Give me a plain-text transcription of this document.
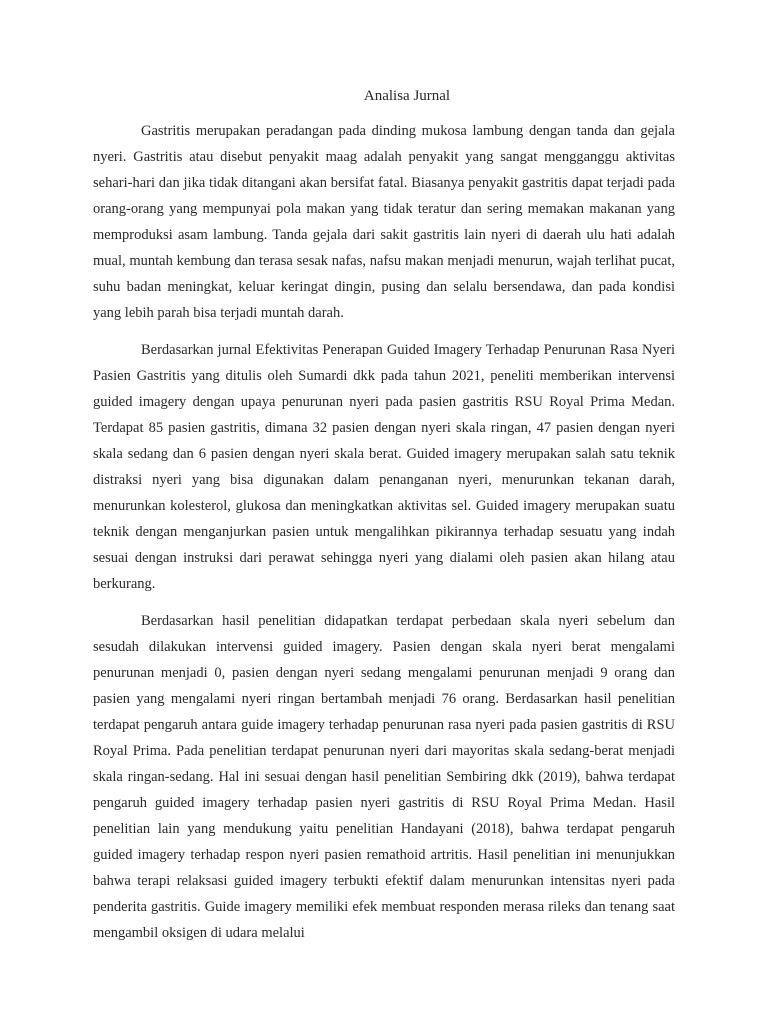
Analisa Jurnal

Gastritis merupakan peradangan pada dinding mukosa lambung dengan tanda dan gejala nyeri. Gastritis atau disebut penyakit maag adalah penyakit yang sangat mengganggu aktivitas sehari-hari dan jika tidak ditangani akan bersifat fatal. Biasanya penyakit gastritis dapat terjadi pada orang-orang yang mempunyai pola makan yang tidak teratur dan sering memakan makanan yang memproduksi asam lambung. Tanda gejala dari sakit gastritis lain nyeri di daerah ulu hati adalah mual, muntah kembung dan terasa sesak nafas, nafsu makan menjadi menurun, wajah terlihat pucat, suhu badan meningkat, keluar keringat dingin, pusing dan selalu bersendawa, dan pada kondisi yang lebih parah bisa terjadi muntah darah.

Berdasarkan jurnal Efektivitas Penerapan Guided Imagery Terhadap Penurunan Rasa Nyeri Pasien Gastritis yang ditulis oleh Sumardi dkk pada tahun 2021, peneliti memberikan intervensi guided imagery dengan upaya penurunan nyeri pada pasien gastritis RSU Royal Prima Medan. Terdapat 85 pasien gastritis, dimana 32 pasien dengan nyeri skala ringan, 47 pasien dengan nyeri skala sedang dan 6 pasien dengan nyeri skala berat. Guided imagery merupakan salah satu teknik distraksi nyeri yang bisa digunakan dalam penanganan nyeri, menurunkan tekanan darah, menurunkan kolesterol, glukosa dan meningkatkan aktivitas sel. Guided imagery merupakan suatu teknik dengan menganjurkan pasien untuk mengalihkan pikirannya terhadap sesuatu yang indah sesuai dengan instruksi dari perawat sehingga nyeri yang dialami oleh pasien akan hilang atau berkurang.

Berdasarkan hasil penelitian didapatkan terdapat perbedaan skala nyeri sebelum dan sesudah dilakukan intervensi guided imagery. Pasien dengan skala nyeri berat mengalami penurunan menjadi 0, pasien dengan nyeri sedang mengalami penurunan menjadi 9 orang dan pasien yang mengalami nyeri ringan bertambah menjadi 76 orang. Berdasarkan hasil penelitian terdapat pengaruh antara guide imagery terhadap penurunan rasa nyeri pada pasien gastritis di RSU Royal Prima. Pada penelitian terdapat penurunan nyeri dari mayoritas skala sedang-berat menjadi skala ringan-sedang. Hal ini sesuai dengan hasil penelitian Sembiring dkk (2019), bahwa terdapat pengaruh guided imagery terhadap pasien nyeri gastritis di RSU Royal Prima Medan. Hasil penelitian lain yang mendukung yaitu penelitian Handayani (2018), bahwa terdapat pengaruh guided imagery terhadap respon nyeri pasien remathoid artritis. Hasil penelitian ini menunjukkan bahwa terapi relaksasi guided imagery terbukti efektif dalam menurunkan intensitas nyeri pada penderita gastritis. Guide imagery memiliki efek membuat responden merasa rileks dan tenang saat mengambil oksigen di udara melalui
